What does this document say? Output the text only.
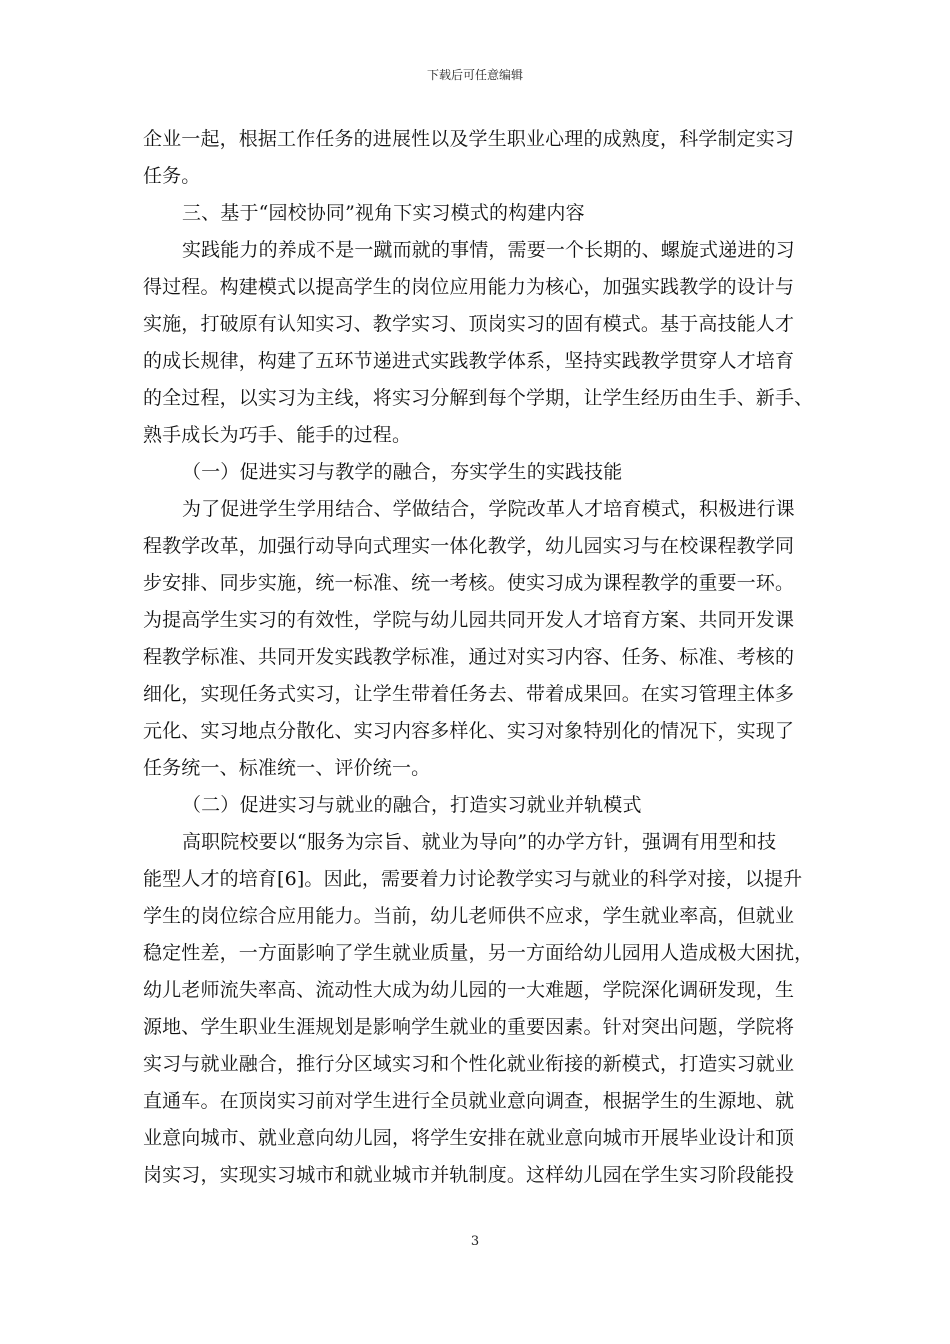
下载后可任意编辑
企业一起，根据工作任务的进展性以及学生职业心理的成熟度，科学制定实习
任务。
三、基于“园校协同”视角下实习模式的构建内容
实践能力的养成不是一蹴而就的事情，需要一个长期的、螺旋式递进的习
得过程。构建模式以提高学生的岗位应用能力为核心，加强实践教学的设计与
实施，打破原有认知实习、教学实习、顶岗实习的固有模式。基于高技能人才
的成长规律，构建了五环节递进式实践教学体系，坚持实践教学贯穿人才培育
的全过程，以实习为主线，将实习分解到每个学期，让学生经历由生手、新手、
熟手成长为巧手、能手的过程。
（一）促进实习与教学的融合，夯实学生的实践技能
为了促进学生学用结合、学做结合，学院改革人才培育模式，积极进行课
程教学改革，加强行动导向式理实一体化教学，幼儿园实习与在校课程教学同
步安排、同步实施，统一标准、统一考核。使实习成为课程教学的重要一环。
为提高学生实习的有效性，学院与幼儿园共同开发人才培育方案、共同开发课
程教学标准、共同开发实践教学标准，通过对实习内容、任务、标准、考核的
细化，实现任务式实习，让学生带着任务去、带着成果回。在实习管理主体多
元化、实习地点分散化、实习内容多样化、实习对象特别化的情况下，实现了
任务统一、标准统一、评价统一。
（二）促进实习与就业的融合，打造实习就业并轨模式
高职院校要以“服务为宗旨、就业为导向”的办学方针，强调有用型和技
能型人才的培育[6]。因此，需要着力讨论教学实习与就业的科学对接，以提升
学生的岗位综合应用能力。当前，幼儿老师供不应求，学生就业率高，但就业
稳定性差，一方面影响了学生就业质量，另一方面给幼儿园用人造成极大困扰，
幼儿老师流失率高、流动性大成为幼儿园的一大难题，学院深化调研发现，生
源地、学生职业生涯规划是影响学生就业的重要因素。针对突出问题，学院将
实习与就业融合，推行分区域实习和个性化就业衔接的新模式，打造实习就业
直通车。在顶岗实习前对学生进行全员就业意向调查，根据学生的生源地、就
业意向城市、就业意向幼儿园，将学生安排在就业意向城市开展毕业设计和顶
岗实习，实现实习城市和就业城市并轨制度。这样幼儿园在学生实习阶段能投
3
